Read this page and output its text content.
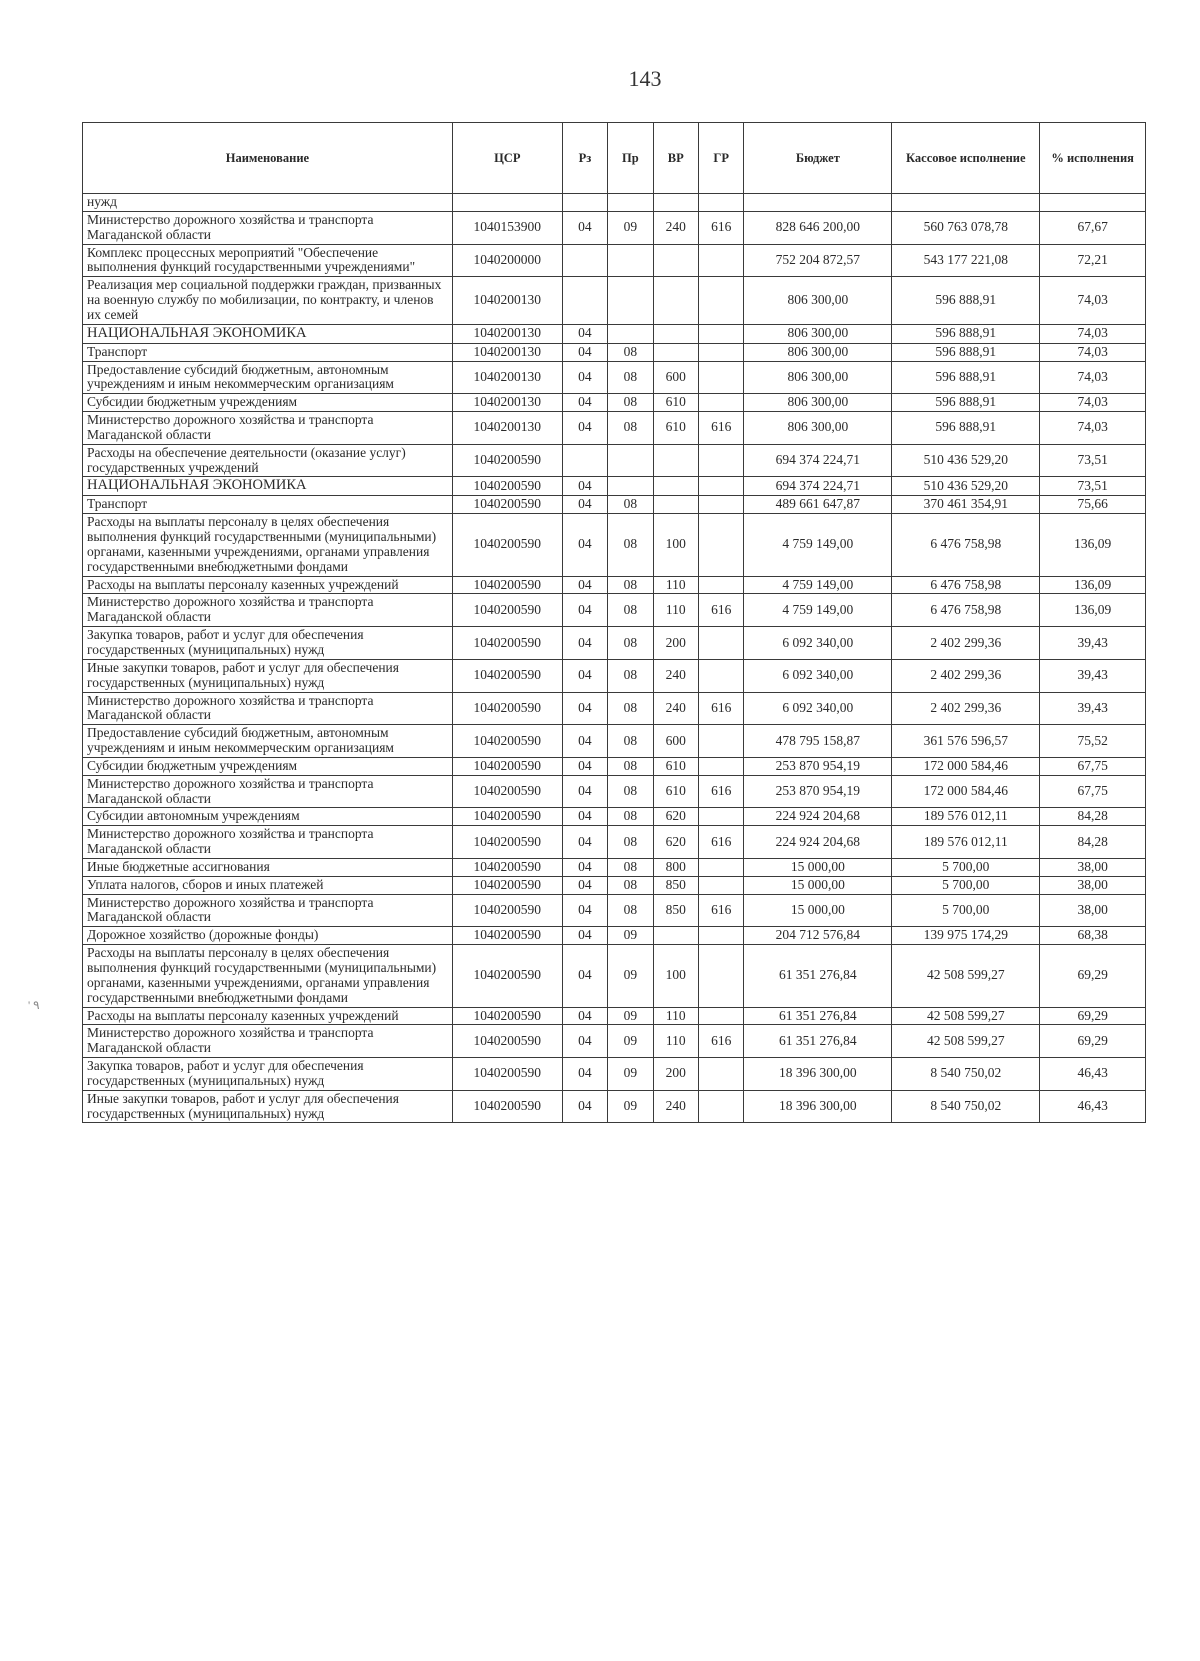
143
' ۹
Наименование	ЦСР	Рз	Пр	ВР	ГР	Бюджет	Кассовое исполнение	% исполнения
нужд								
Министерство дорожного хозяйства и транспорта Магаданской области	1040153900	04	09	240	616	828 646 200,00	560 763 078,78	67,67
Комплекс процессных мероприятий "Обеспечение выполнения функций государственными учреждениями"	1040200000					752 204 872,57	543 177 221,08	72,21
Реализация мер социальной поддержки граждан, призванных на военную службу по мобилизации, по контракту, и членов их семей	1040200130					806 300,00	596 888,91	74,03
НАЦИОНАЛЬНАЯ ЭКОНОМИКА	1040200130	04				806 300,00	596 888,91	74,03
Транспорт	1040200130	04	08			806 300,00	596 888,91	74,03
Предоставление субсидий бюджетным, автономным учреждениям и иным некоммерческим организациям	1040200130	04	08	600		806 300,00	596 888,91	74,03
Субсидии бюджетным учреждениям	1040200130	04	08	610		806 300,00	596 888,91	74,03
Министерство дорожного хозяйства и транспорта Магаданской области	1040200130	04	08	610	616	806 300,00	596 888,91	74,03
Расходы на обеспечение деятельности (оказание услуг) государственных учреждений	1040200590					694 374 224,71	510 436 529,20	73,51
НАЦИОНАЛЬНАЯ ЭКОНОМИКА	1040200590	04				694 374 224,71	510 436 529,20	73,51
Транспорт	1040200590	04	08			489 661 647,87	370 461 354,91	75,66
Расходы на выплаты персоналу в целях обеспечения выполнения функций государственными (муниципальными) органами, казенными учреждениями, органами управления государственными внебюджетными фондами	1040200590	04	08	100		4 759 149,00	6 476 758,98	136,09
Расходы на выплаты персоналу казенных учреждений	1040200590	04	08	110		4 759 149,00	6 476 758,98	136,09
Министерство дорожного хозяйства и транспорта Магаданской области	1040200590	04	08	110	616	4 759 149,00	6 476 758,98	136,09
Закупка товаров, работ и услуг для обеспечения государственных (муниципальных) нужд	1040200590	04	08	200		6 092 340,00	2 402 299,36	39,43
Иные закупки товаров, работ и услуг для обеспечения государственных (муниципальных) нужд	1040200590	04	08	240		6 092 340,00	2 402 299,36	39,43
Министерство дорожного хозяйства и транспорта Магаданской области	1040200590	04	08	240	616	6 092 340,00	2 402 299,36	39,43
Предоставление субсидий бюджетным, автономным учреждениям и иным некоммерческим организациям	1040200590	04	08	600		478 795 158,87	361 576 596,57	75,52
Субсидии бюджетным учреждениям	1040200590	04	08	610		253 870 954,19	172 000 584,46	67,75
Министерство дорожного хозяйства и транспорта Магаданской области	1040200590	04	08	610	616	253 870 954,19	172 000 584,46	67,75
Субсидии автономным учреждениям	1040200590	04	08	620		224 924 204,68	189 576 012,11	84,28
Министерство дорожного хозяйства и транспорта Магаданской области	1040200590	04	08	620	616	224 924 204,68	189 576 012,11	84,28
Иные бюджетные ассигнования	1040200590	04	08	800		15 000,00	5 700,00	38,00
Уплата налогов, сборов и иных платежей	1040200590	04	08	850		15 000,00	5 700,00	38,00
Министерство дорожного хозяйства и транспорта Магаданской области	1040200590	04	08	850	616	15 000,00	5 700,00	38,00
Дорожное хозяйство (дорожные фонды)	1040200590	04	09			204 712 576,84	139 975 174,29	68,38
Расходы на выплаты персоналу в целях обеспечения выполнения функций государственными (муниципальными) органами, казенными учреждениями, органами управления государственными внебюджетными фондами	1040200590	04	09	100		61 351 276,84	42 508 599,27	69,29
Расходы на выплаты персоналу казенных учреждений	1040200590	04	09	110		61 351 276,84	42 508 599,27	69,29
Министерство дорожного хозяйства и транспорта Магаданской области	1040200590	04	09	110	616	61 351 276,84	42 508 599,27	69,29
Закупка товаров, работ и услуг для обеспечения государственных (муниципальных) нужд	1040200590	04	09	200		18 396 300,00	8 540 750,02	46,43
Иные закупки товаров, работ и услуг для обеспечения государственных (муниципальных) нужд	1040200590	04	09	240		18 396 300,00	8 540 750,02	46,43
